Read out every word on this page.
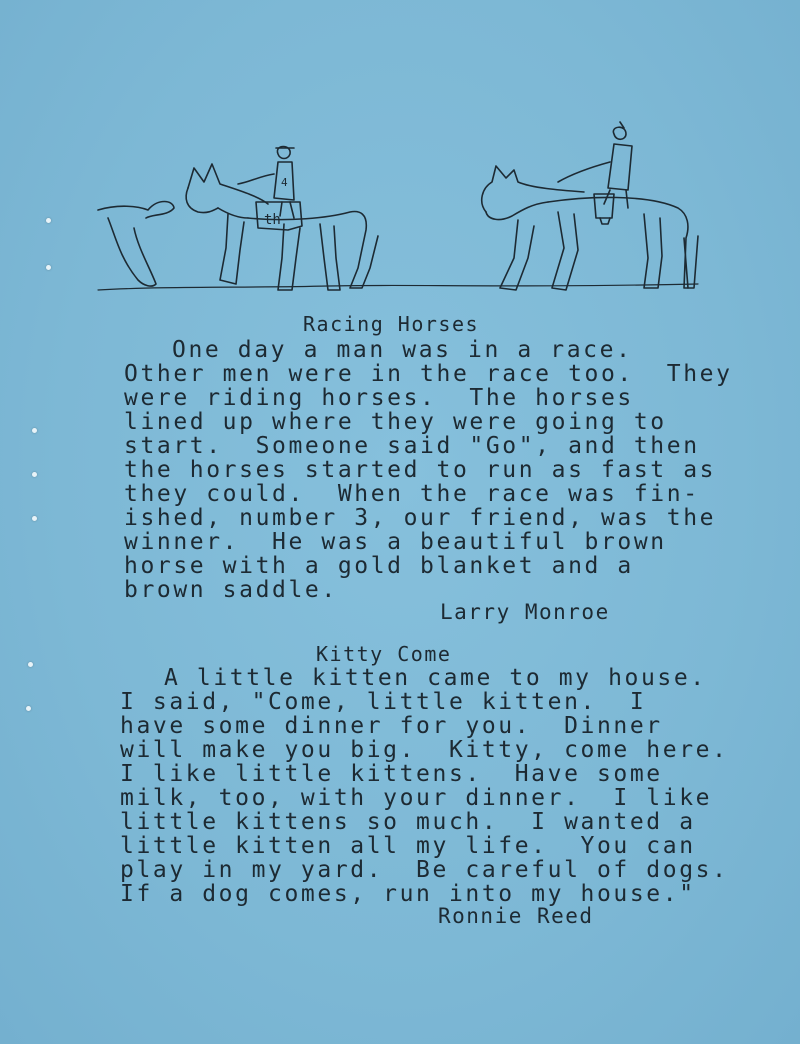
th
4
Racing Horses
One day a man was in a race.
Other men were in the race too.  They
were riding horses.  The horses
lined up where they were going to
start.  Someone said "Go", and then
the horses started to run as fast as
they could.  When the race was fin-
ished, number 3, our friend, was the
winner.  He was a beautiful brown
horse with a gold blanket and a
brown saddle.
Larry Monroe
Kitty Come
A little kitten came to my house.
I said, "Come, little kitten.  I
have some dinner for you.  Dinner
will make you big.  Kitty, come here.
I like little kittens.  Have some
milk, too, with your dinner.  I like
little kittens so much.  I wanted a
little kitten all my life.  You can
play in my yard.  Be careful of dogs.
If a dog comes, run into my house."
Ronnie Reed
